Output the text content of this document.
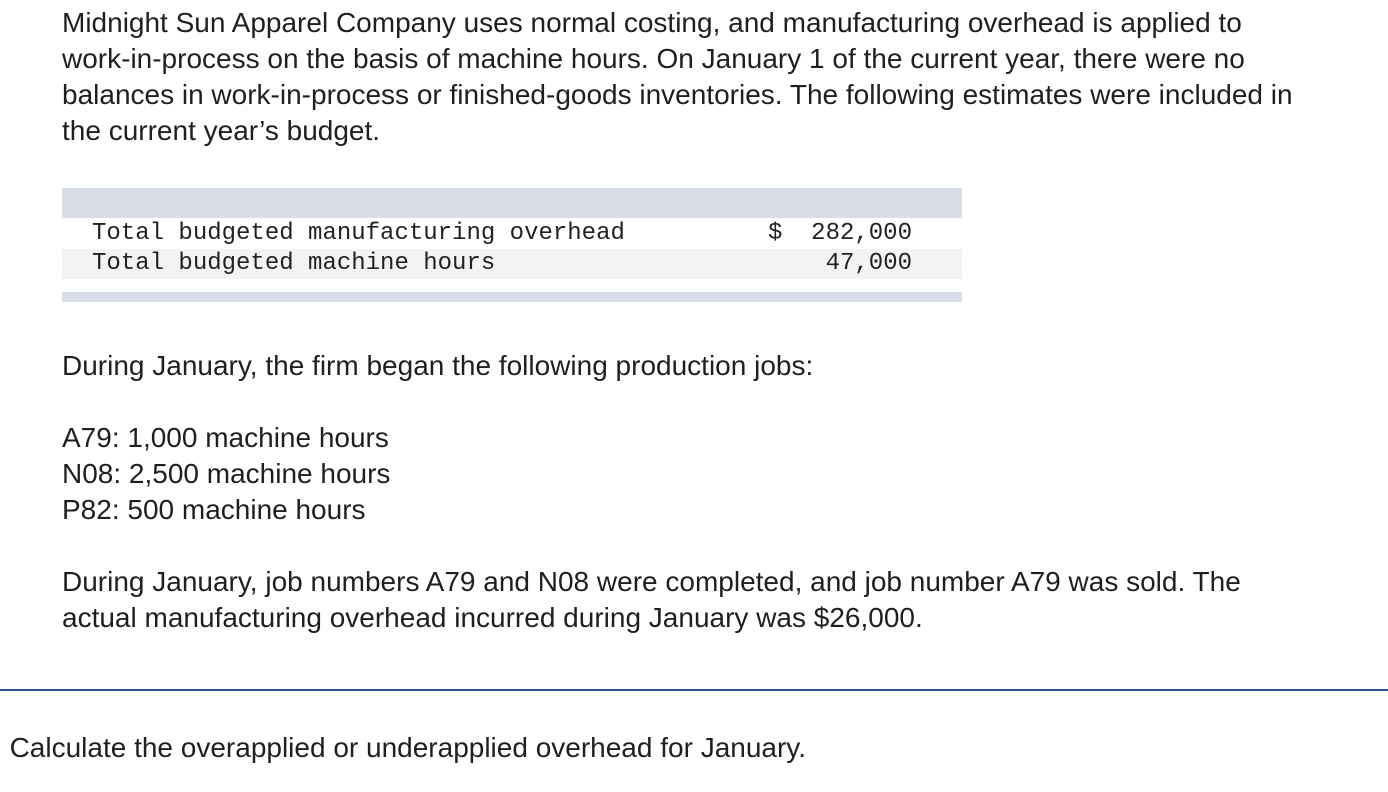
Midnight Sun Apparel Company uses normal costing, and manufacturing overhead is applied to work-in-process on the basis of machine hours. On January 1 of the current year, there were no balances in work-in-process or finished-goods inventories. The following estimates were included in the current year’s budget.

Total budgeted manufacturing overhead	$ 282,000
Total budgeted machine hours	47,000

During January, the firm began the following production jobs:

A79: 1,000 machine hours
N08: 2,500 machine hours
P82: 500 machine hours

During January, job numbers A79 and N08 were completed, and job number A79 was sold. The actual manufacturing overhead incurred during January was $26,000.

Calculate the overapplied or underapplied overhead for January.
